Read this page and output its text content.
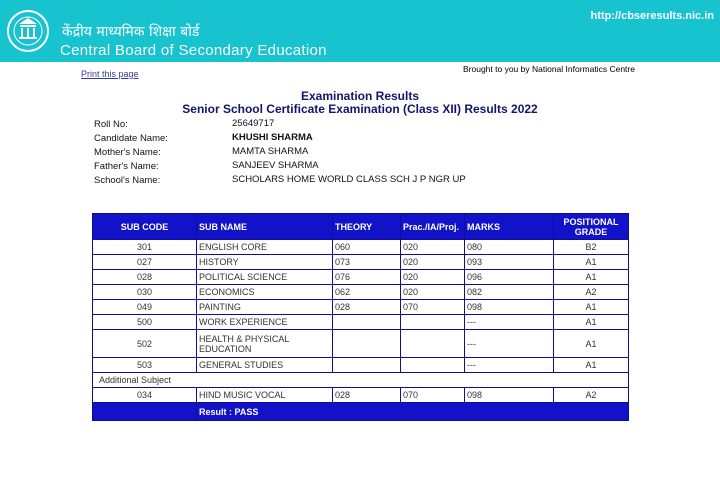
केंद्रीय माध्यमिक शिक्षा बोर्ड
Central Board of Secondary Education
http://cbseresults.nic.in
Print this page	Brought to you by National Informatics Centre
Examination Results
Senior School Certificate Examination (Class XII) Results 2022
Roll No:	25649717
Candidate Name:	KHUSHI SHARMA
Mother's Name:	MAMTA SHARMA
Father's Name:	SANJEEV SHARMA
School's Name:	SCHOLARS HOME WORLD CLASS SCH J P NGR UP
SUB CODE	SUB NAME	THEORY	Prac./IA/Proj.	MARKS	POSITIONAL GRADE
301	ENGLISH CORE	060	020	080	B2
027	HISTORY	073	020	093	A1
028	POLITICAL SCIENCE	076	020	096	A1
030	ECONOMICS	062	020	082	A2
049	PAINTING	028	070	098	A1
500	WORK EXPERIENCE			---	A1
502	HEALTH & PHYSICAL EDUCATION			---	A1
503	GENERAL STUDIES			---	A1
Additional Subject					
034	HIND MUSIC VOCAL	028	070	098	A2
	Result : PASS				
